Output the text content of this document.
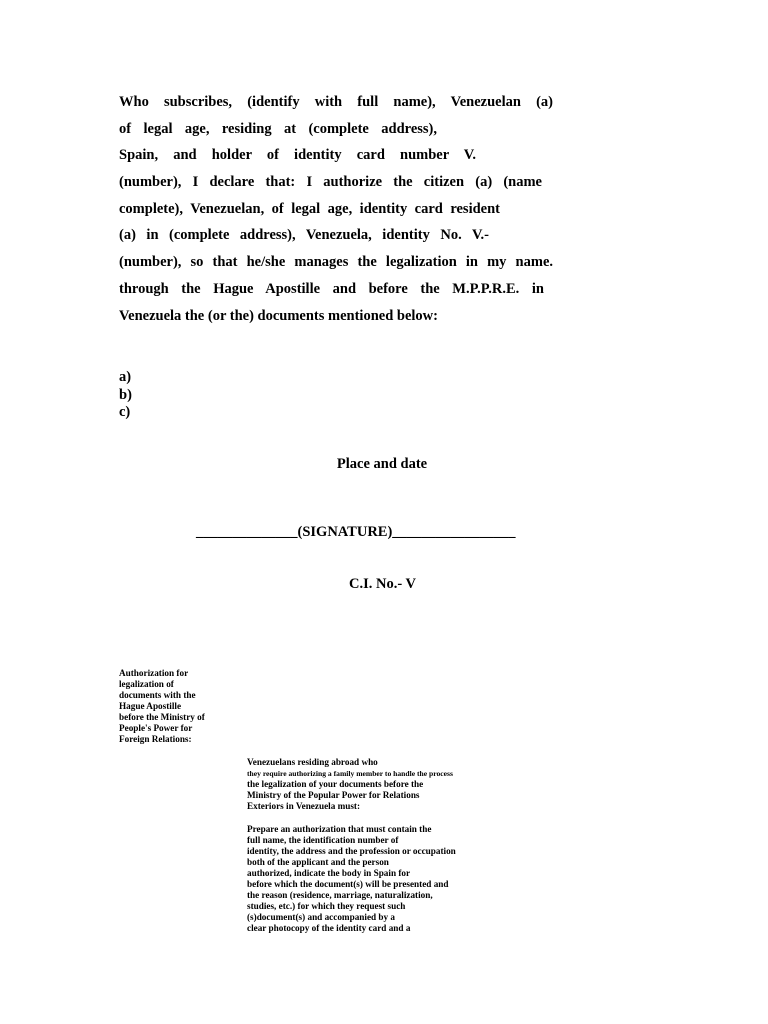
Who subscribes, (identify with full name), Venezuelan (a)
of legal age, residing at (complete address),
Spain, and holder of identity card number V.
(number), I declare that: I authorize the citizen (a) (name
complete), Venezuelan, of legal age, identity card resident
(a) in (complete address), Venezuela, identity No. V.-
(number), so that he/she manages the legalization in my name.
through the Hague Apostille and before the M.P.P.R.E. in
Venezuela the (or the) documents mentioned below:
a)
b)
c)
Place and date
______________(SIGNATURE)_________________
C.I. No.- V
Authorization for
legalization of
documents with the
Hague Apostille
before the Ministry of
People's Power for
Foreign Relations:
Venezuelans residing abroad who
they require authorizing a family member to handle the process
the legalization of your documents before the
Ministry of the Popular Power for Relations
Exteriors in Venezuela must:
Prepare an authorization that must contain the
full name, the identification number of
identity, the address and the profession or occupation
both of the applicant and the person
authorized, indicate the body in Spain for
before which the document(s) will be presented and
the reason (residence, marriage, naturalization,
studies, etc.) for which they request such
(s)document(s) and accompanied by a
clear photocopy of the identity card and a
